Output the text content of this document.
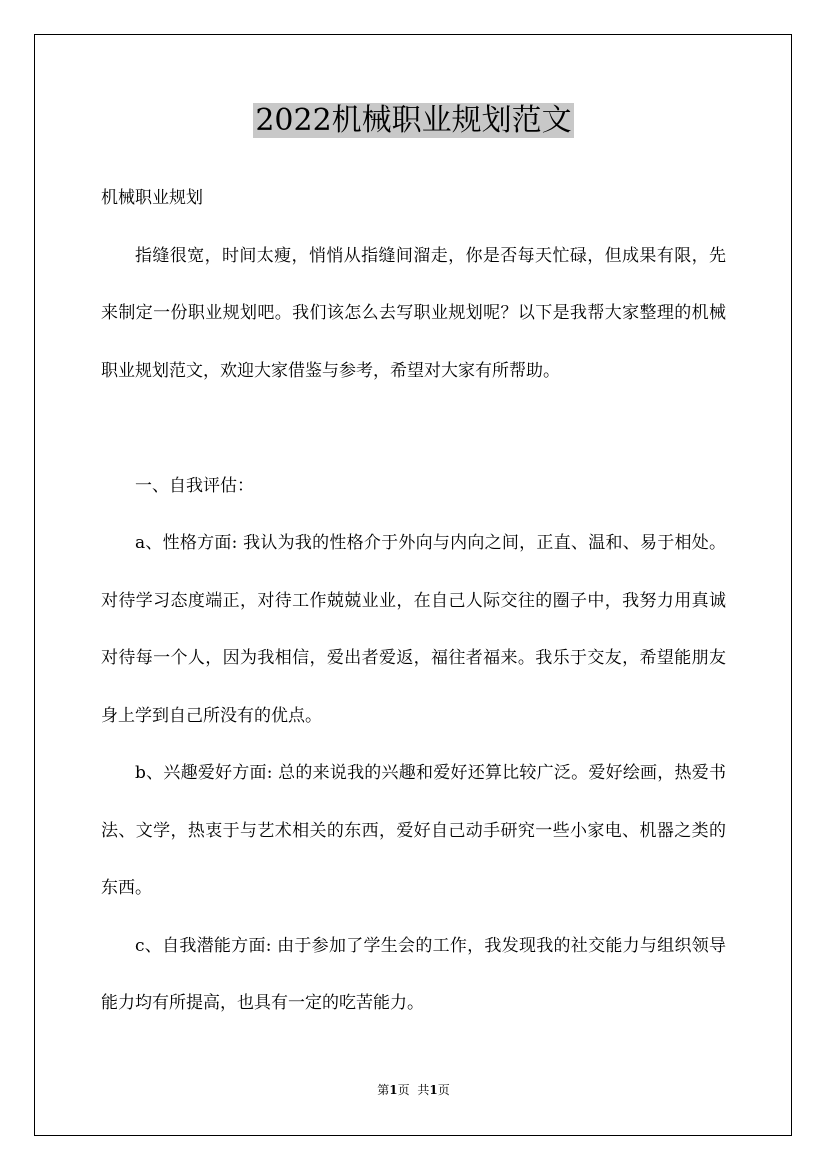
2022机械职业规划范文

机械职业规划

指缝很宽，时间太瘦，悄悄从指缝间溜走，你是否每天忙碌，但成果有限，先来制定一份职业规划吧。我们该怎么去写职业规划呢？以下是我帮大家整理的机械职业规划范文，欢迎大家借鉴与参考，希望对大家有所帮助。

一、自我评估：

a、性格方面: 我认为我的性格介于外向与内向之间，正直、温和、易于相处。对待学习态度端正，对待工作兢兢业业，在自己人际交往的圈子中，我努力用真诚对待每一个人，因为我相信，爱出者爱返，福往者福来。我乐于交友，希望能朋友身上学到自己所没有的优点。

b、兴趣爱好方面: 总的来说我的兴趣和爱好还算比较广泛。爱好绘画，热爱书法、文学，热衷于与艺术相关的东西，爱好自己动手研究一些小家电、机器之类的东西。

c、自我潜能方面: 由于参加了学生会的工作，我发现我的社交能力与组织领导能力均有所提高，也具有一定的吃苦能力。

第1页 共1页
